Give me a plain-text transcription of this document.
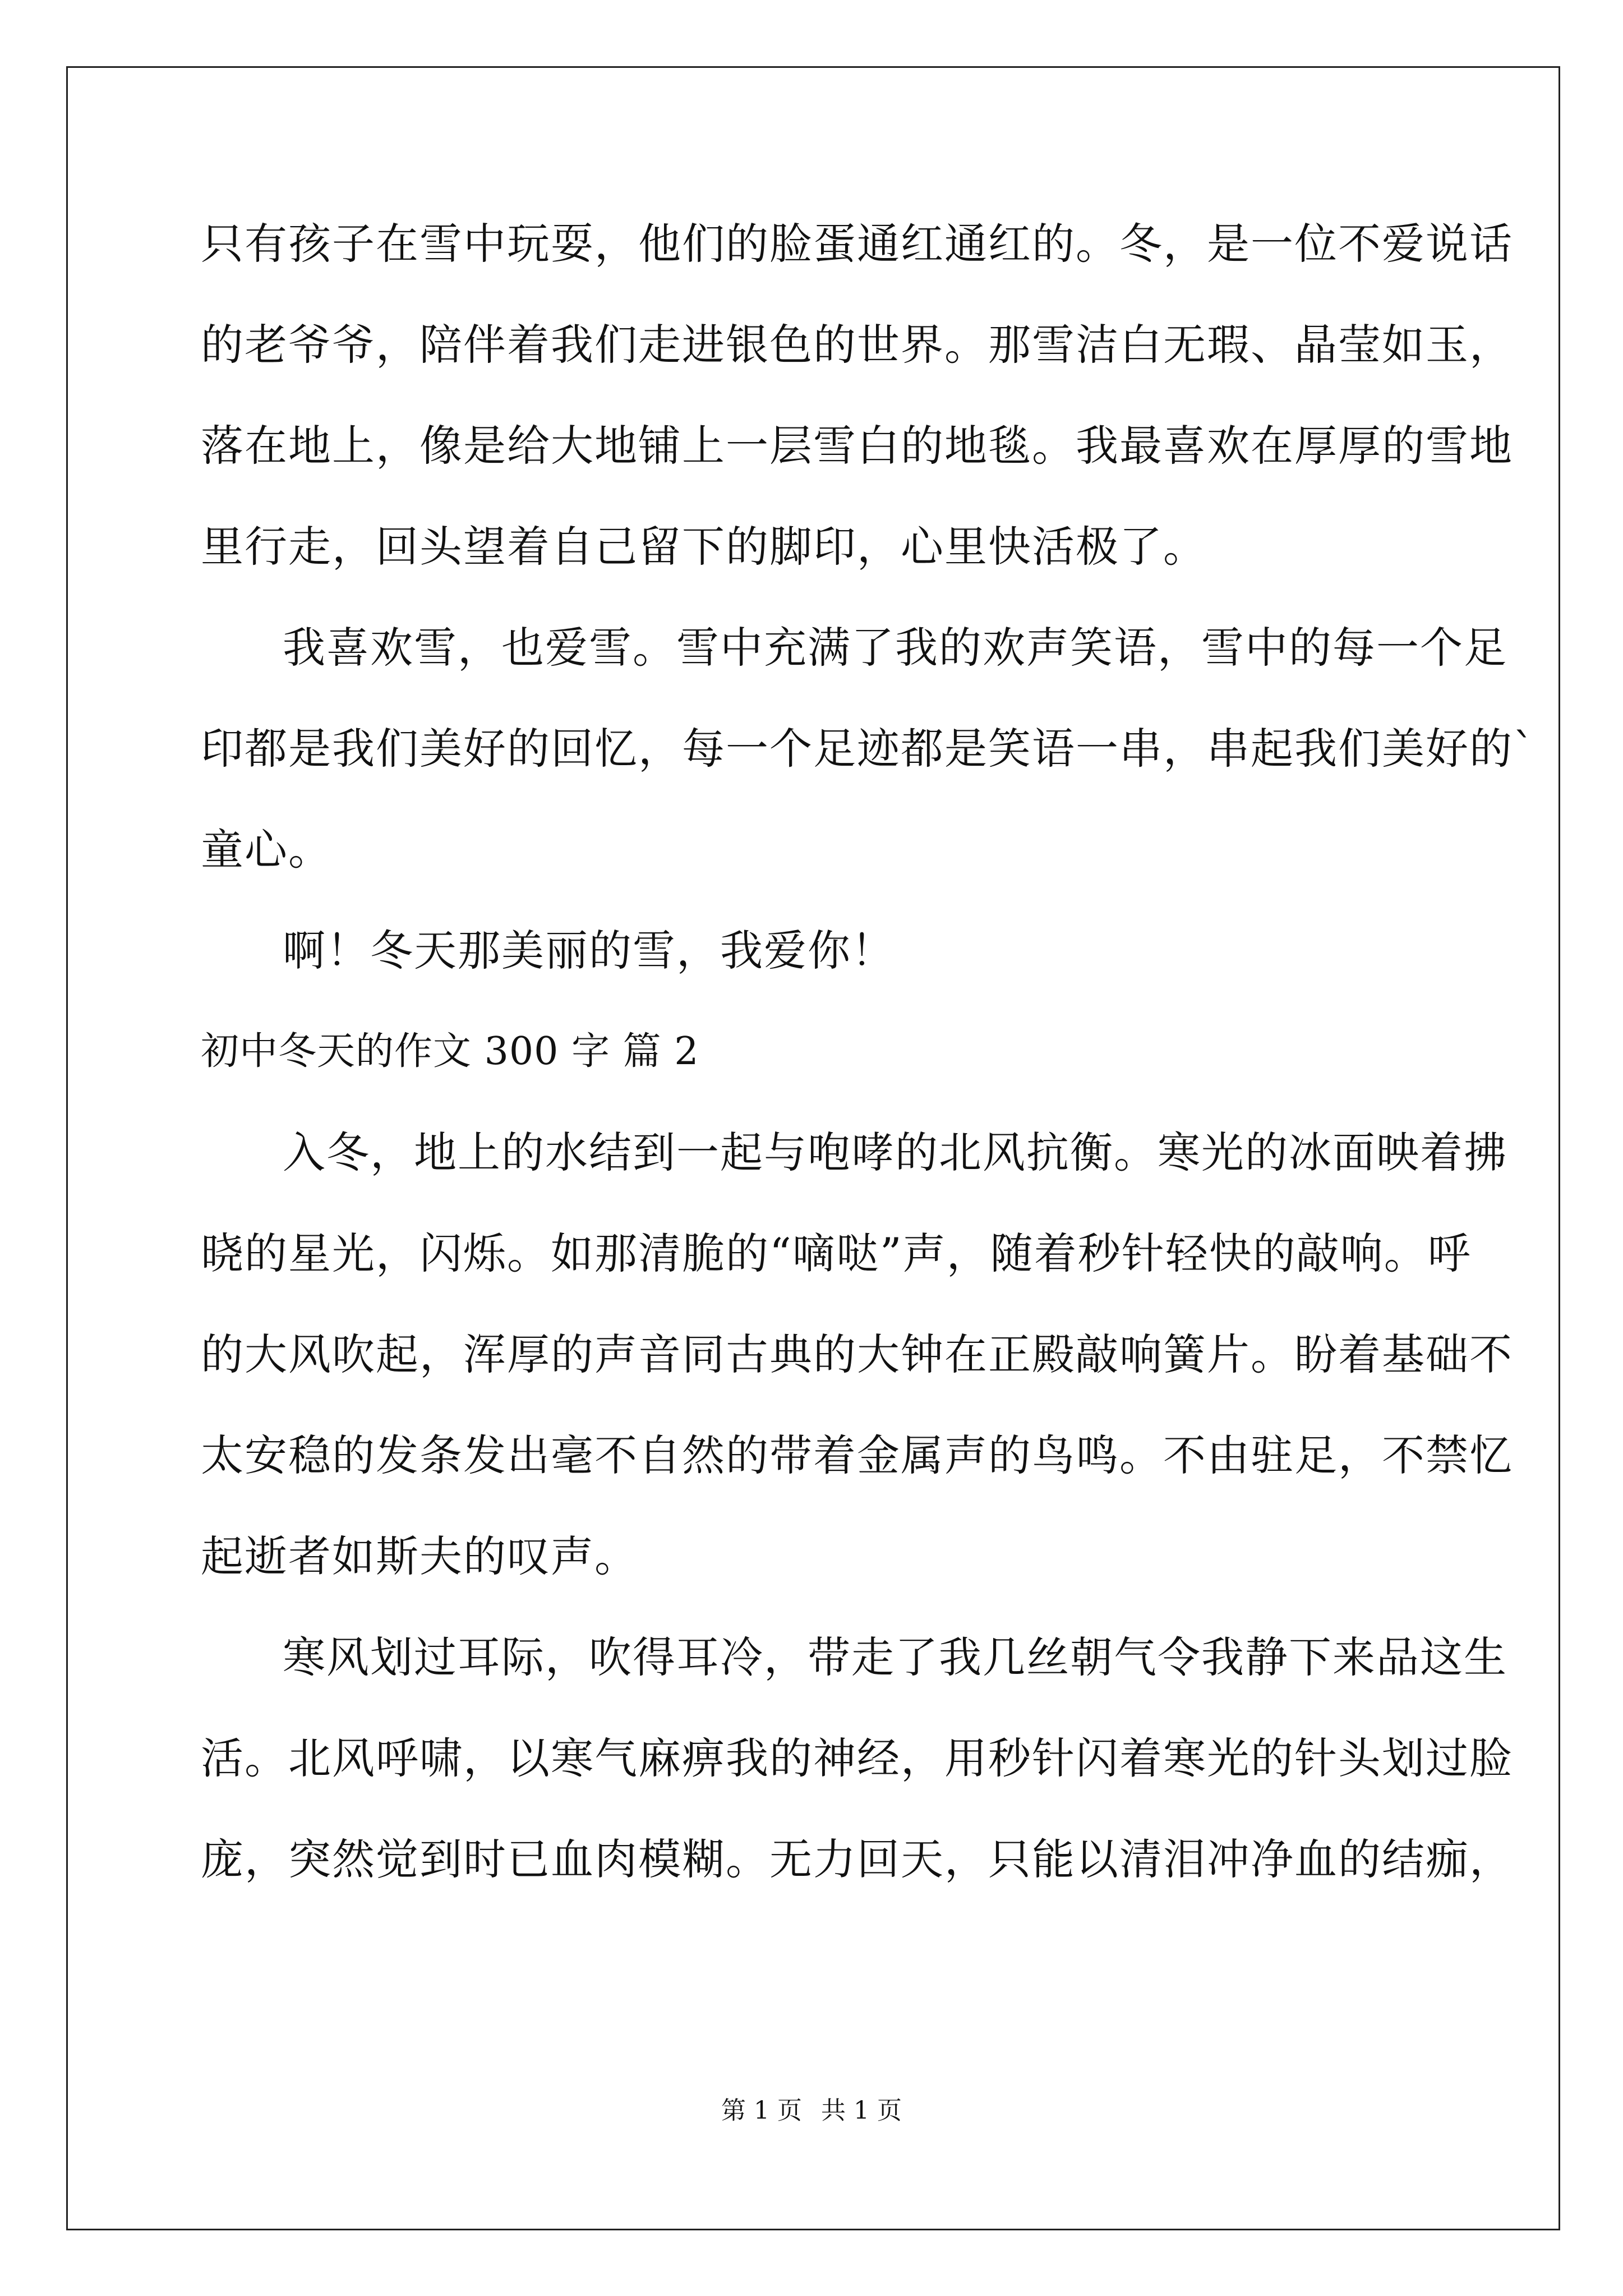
只有孩子在雪中玩耍，他们的脸蛋通红通红的。冬，是一位不爱说话
的老爷爷，陪伴着我们走进银色的世界。那雪洁白无瑕、晶莹如玉，
落在地上，像是给大地铺上一层雪白的地毯。我最喜欢在厚厚的雪地
里行走，回头望着自己留下的脚印，心里快活极了。
我喜欢雪，也爱雪。雪中充满了我的欢声笑语，雪中的每一个足
印都是我们美好的回忆，每一个足迹都是笑语一串，串起我们美好的`
童心。
啊！冬天那美丽的雪，我爱你！
初中冬天的作文 300 字 篇 2
入冬，地上的水结到一起与咆哮的北风抗衡。寒光的冰面映着拂
晓的星光，闪烁。如那清脆的“嘀哒”声，随着秒针轻快的敲响。呼
的大风吹起，浑厚的声音同古典的大钟在正殿敲响簧片。盼着基础不
太安稳的发条发出毫不自然的带着金属声的鸟鸣。不由驻足，不禁忆
起逝者如斯夫的叹声。
寒风划过耳际，吹得耳冷，带走了我几丝朝气令我静下来品这生
活。北风呼啸，以寒气麻痹我的神经，用秒针闪着寒光的针头划过脸
庞，突然觉到时已血肉模糊。无力回天，只能以清泪冲净血的结痂，
第 1 页 共 1 页
